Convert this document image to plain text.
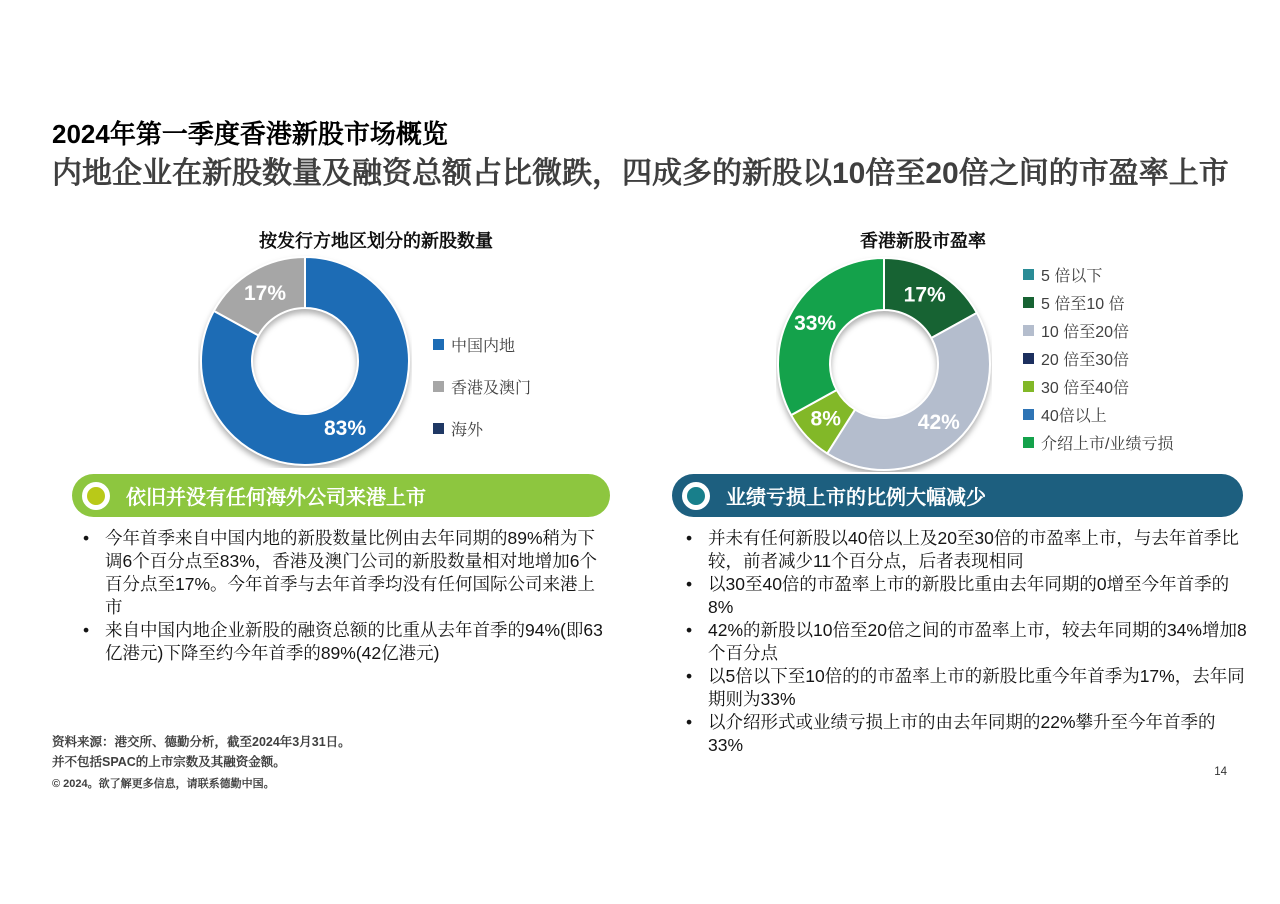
2024年第一季度香港新股市场概览
内地企业在新股数量及融资总额占比微跌，四成多的新股以10倍至20倍之间的市盈率上市
按发行方地区划分的新股数量
83%
17%
中国内地
香港及澳门
海外
香港新股市盈率
17%
42%
8%
33%
5 倍以下
5 倍至10 倍
10 倍至20倍
20 倍至30倍
30 倍至40倍
40倍以上
介绍上市/业绩亏损
依旧并没有任何海外公司来港上市
• 今年首季来自中国内地的新股数量比例由去年同期的89%稍为下调6个百分点至83%，香港及澳门公司的新股数量相对地增加6个百分点至17%。今年首季与去年首季均没有任何国际公司来港上市
• 来自中国内地企业新股的融资总额的比重从去年首季的94%(即63亿港元)下降至约今年首季的89%(42亿港元)
业绩亏损上市的比例大幅减少
• 并未有任何新股以40倍以上及20至30倍的市盈率上市，与去年首季比较，前者减少11个百分点，后者表现相同
• 以30至40倍的市盈率上市的新股比重由去年同期的0增至今年首季的8%
• 42%的新股以10倍至20倍之间的市盈率上市，较去年同期的34%增加8个百分点
• 以5倍以下至10倍的的市盈率上市的新股比重今年首季为17%，去年同期则为33%
• 以介绍形式或业绩亏损上市的由去年同期的22%攀升至今年首季的33%
资料来源：港交所、德勤分析，截至2024年3月31日。
并不包括SPAC的上市宗数及其融资金额。
© 2024。欲了解更多信息，请联系德勤中国。
14
